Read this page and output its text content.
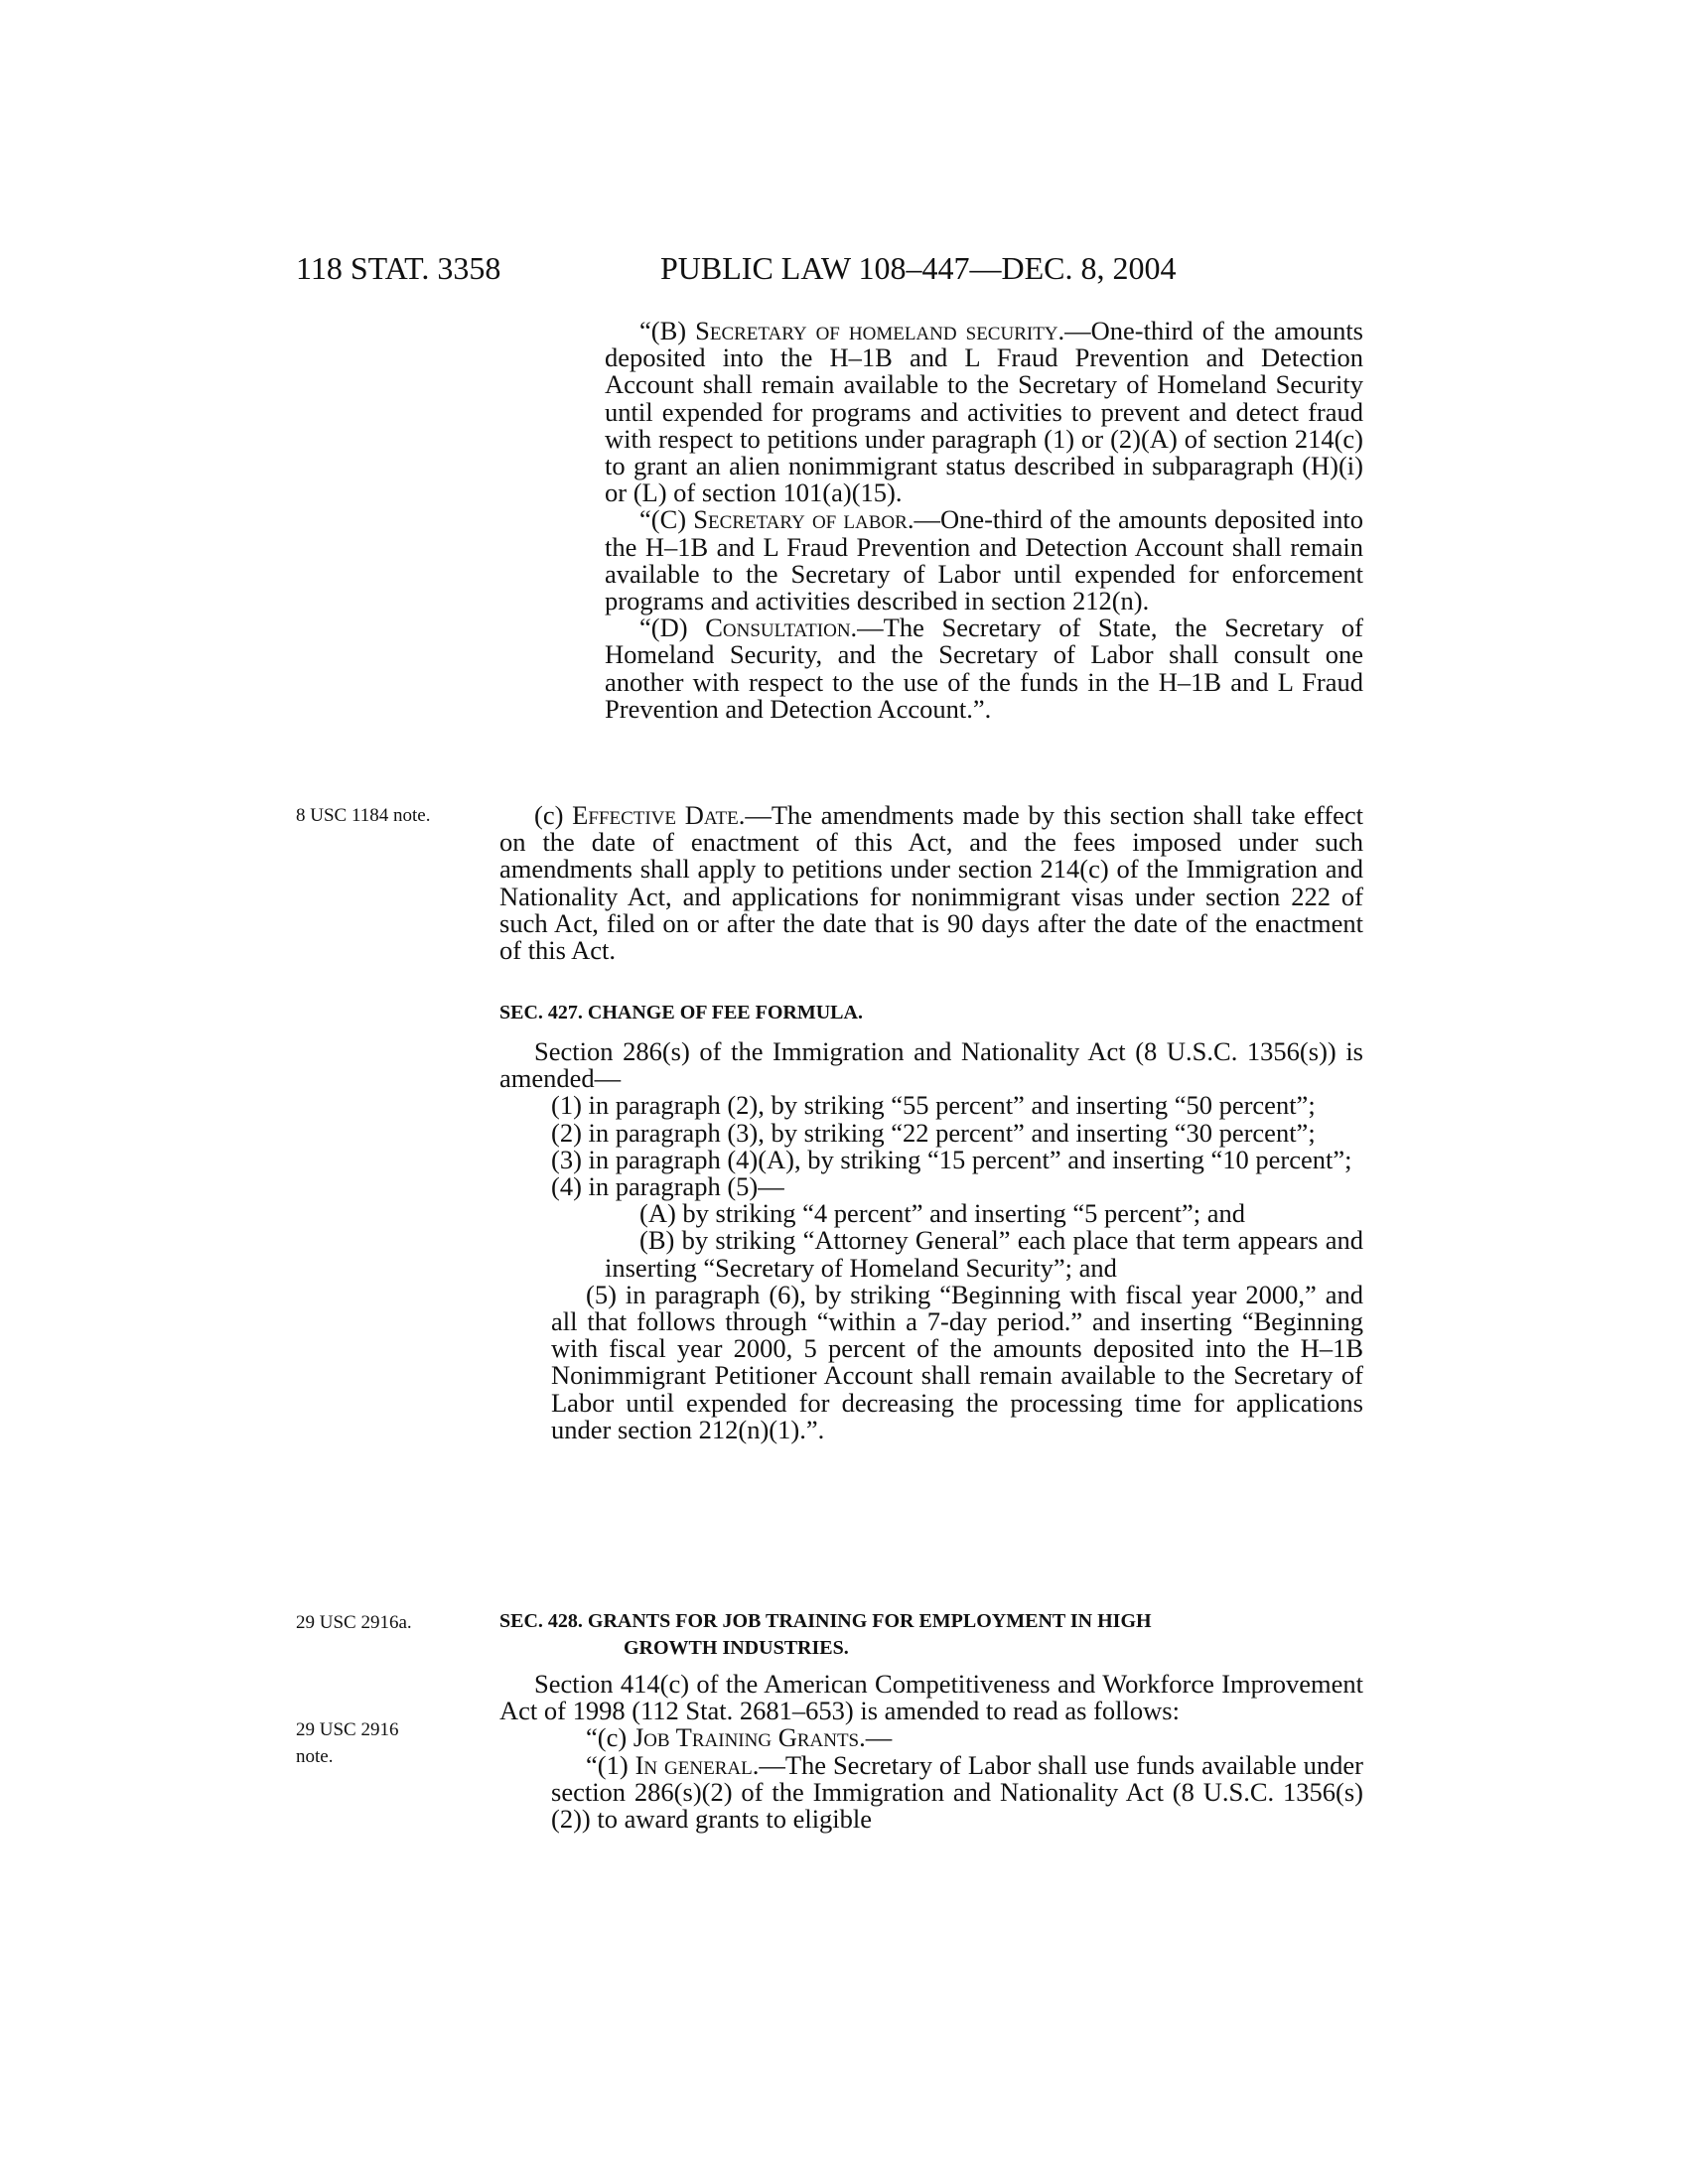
118 STAT. 3358	PUBLIC LAW 108–447—DEC. 8, 2004
8 USC 1184 note.
29 USC 2916a.
29 USC 2916
note.

“(B) Secretary of homeland security.—One-third of the amounts deposited into the H–1B and L Fraud Prevention and Detection Account shall remain available to the Secretary of Homeland Security until expended for programs and activities to prevent and detect fraud with respect to petitions under paragraph (1) or (2)(A) of section 214(c) to grant an alien nonimmigrant status described in subparagraph (H)(i) or (L) of section 101(a)(15).

“(C) Secretary of labor.—One-third of the amounts deposited into the H–1B and L Fraud Prevention and Detection Account shall remain available to the Secretary of Labor until expended for enforcement programs and activities described in section 212(n).

“(D) Consultation.—The Secretary of State, the Secretary of Homeland Security, and the Secretary of Labor shall consult one another with respect to the use of the funds in the H–1B and L Fraud Prevention and Detection Account.”.

(c) Effective Date.—The amendments made by this section shall take effect on the date of enactment of this Act, and the fees imposed under such amendments shall apply to petitions under section 214(c) of the Immigration and Nationality Act, and applications for nonimmigrant visas under section 222 of such Act, filed on or after the date that is 90 days after the date of the enactment of this Act.

SEC. 427. CHANGE OF FEE FORMULA.

Section 286(s) of the Immigration and Nationality Act (8 U.S.C. 1356(s)) is amended—

(1) in paragraph (2), by striking “55 percent” and inserting “50 percent”;

(2) in paragraph (3), by striking “22 percent” and inserting “30 percent”;

(3) in paragraph (4)(A), by striking “15 percent” and inserting “10 percent”;

(4) in paragraph (5)—

(A) by striking “4 percent” and inserting “5 percent”; and

(B) by striking “Attorney General” each place that term appears and inserting “Secretary of Homeland Security”; and

(5) in paragraph (6), by striking “Beginning with fiscal year 2000,” and all that follows through “within a 7-day period.” and inserting “Beginning with fiscal year 2000, 5 percent of the amounts deposited into the H–1B Nonimmigrant Petitioner Account shall remain available to the Secretary of Labor until expended for decreasing the processing time for applications under section 212(n)(1).”.

SEC. 428. GRANTS FOR JOB TRAINING FOR EMPLOYMENT IN HIGH
GROWTH INDUSTRIES.

Section 414(c) of the American Competitiveness and Workforce Improvement Act of 1998 (112 Stat. 2681–653) is amended to read as follows:

“(c) Job Training Grants.—

“(1) In general.—The Secretary of Labor shall use funds available under section 286(s)(2) of the Immigration and Nationality Act (8 U.S.C. 1356(s)(2)) to award grants to eligible
